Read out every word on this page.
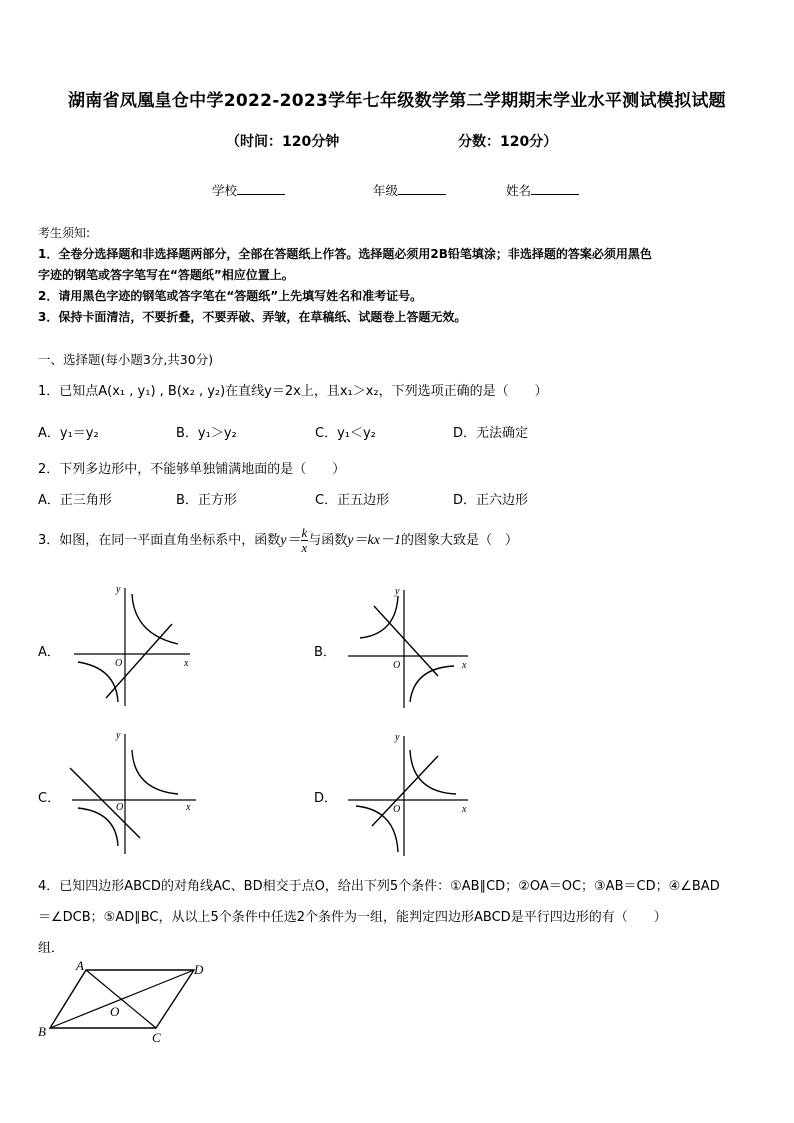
湖南省凤凰皇仓中学2022-2023学年七年级数学第二学期期末学业水平测试模拟试题
（时间：120分钟	分数：120分）
学校	年级	姓名
考生须知:
1．全卷分选择题和非选择题两部分，全部在答题纸上作答。选择题必须用2B铅笔填涂；非选择题的答案必须用黑色
字迹的钢笔或答字笔写在“答题纸”相应位置上。
2．请用黑色字迹的钢笔或答字笔在“答题纸”上先填写姓名和准考证号。
3．保持卡面清洁，不要折叠，不要弄破、弄皱，在草稿纸、试题卷上答题无效。
一、选择题(每小题3分,共30分)
1．已知点A(x₁ , y₁) , B(x₂ , y₂)在直线y＝2x上，且x₁＞x₂，下列选项正确的是（　　）
A．y₁＝y₂	B．y₁＞y₂	C．y₁＜y₂	D．无法确定
2．下列多边形中，不能够单独铺满地面的是（　　）
A．正三角形	B．正方形	C．正五边形	D．正六边形
3．如图，在同一平面直角坐标系中，函数$y= \frac{k}{x}$ 与函数y＝kx－1的图象大致是（　）
A．	B．
C．	D．
y
x
O
y
x
O
y
x
O
y
x
O
4．已知四边形ABCD的对角线AC、BD相交于点O，给出下列5个条件：①AB∥CD；②OA＝OC；③AB＝CD；④∠BAD
＝∠DCB；⑤AD∥BC，从以上5个条件中任选2个条件为一组，能判定四边形ABCD是平行四边形的有（　　）
组．
A	D
B	C
O
